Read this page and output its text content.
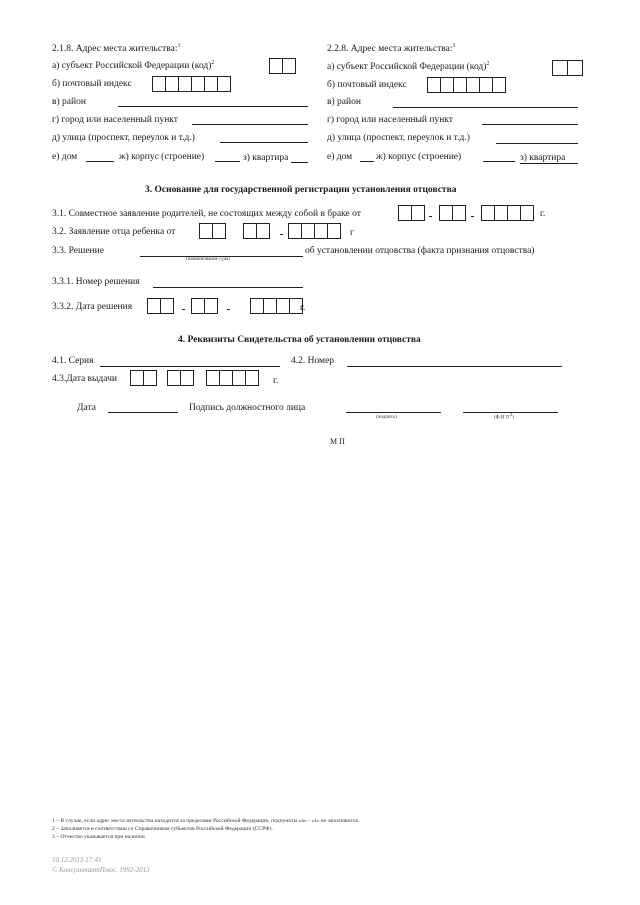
2.1.8. Адрес места жительства:$^1$
а) субъект Российской Федерации (код)$^2$
б) почтовый индекс
в) район
г) город или населенный пункт
д) улица (проспект, переулок и т.д.)
е) дом	ж) корпус (строение)	з) квартира
2.2.8. Адрес места жительства:$^1$
а) субъект Российской Федерации (код)$^2$
б) почтовый индекс
в) район
г) город или населенный пункт
д) улица (проспект, переулок и т.д.)
е) дом	ж) корпус (строение)	з) квартира
3. Основание для государственной регистрации установления отцовства
3.1. Совместное заявление родителей, не состоящих между собой в браке от	г.
3.2. Заявление отца ребенка от	г
3.3. Решение
(наименование суда)
об установлении отцовства (факта признания отцовства)
3.3.1. Номер решения
3.3.2. Дата решения	г.
4. Реквизиты Свидетельства об установлении отцовства
4.1. Серия	4.2. Номер
4.3.Дата выдачи	г.
Дата	Подпись должностного лица
(подпись)	(Ф И О3)
М П
1 – В случае, если адрес места жительства находится за пределами Российской Федерации, подпункты «а» - «з» не заполняются.
2 – Заполняется в соответствии со Справочником субъектов Российской Федерации (ССРФ).
3 – Отчество указывается при наличии
10.12.2013 17:41
© КонсультантПлюс, 1992-2013
